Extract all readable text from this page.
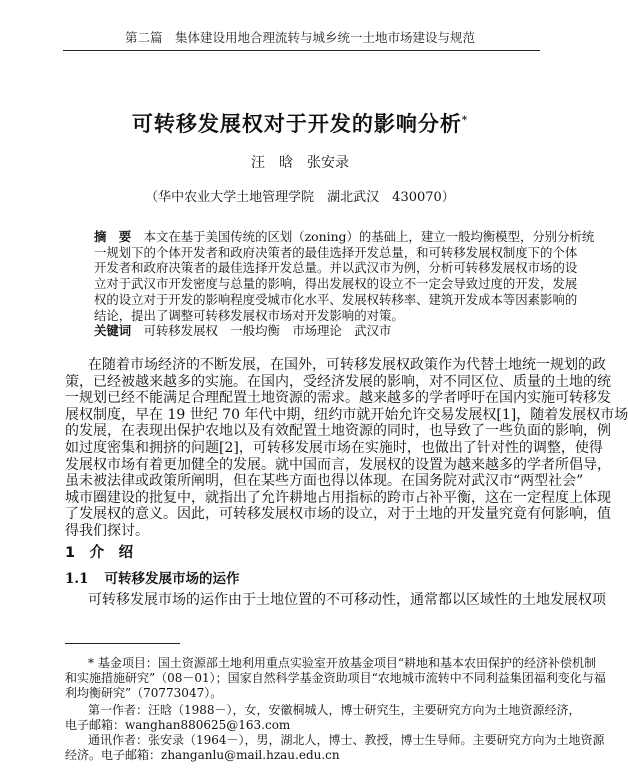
第二篇　集体建设用地合理流转与城乡统一土地市场建设与规范
可转移发展权对于开发的影响分析*
汪　晗　张安录
（华中农业大学土地管理学院　湖北武汉　430070）
摘　要　 本文在基于美国传统的区划（zoning）的基础上，建立一般均衡模型，分别分析统
一规划下的个体开发者和政府决策者的最佳选择开发总量，和可转移发展权制度下的个体
开发者和政府决策者的最佳选择开发总量。并以武汉市为例，分析可转移发展权市场的设
立对于武汉市开发密度与总量的影响，得出发展权的设立不一定会导致过度的开发，发展
权的设立对于开发的影响程度受城市化水平、发展权转移率、建筑开发成本等因素影响的
结论，提出了调整可转移发展权市场对开发影响的对策。
关键词　 可转移发展权　一般均衡　市场理论　武汉市
在随着市场经济的不断发展，在国外，可转移发展权政策作为代替土地统一规划的政
策，已经被越来越多的实施。在国内，受经济发展的影响，对不同区位、质量的土地的统
一规划已经不能满足合理配置土地资源的需求。越来越多的学者呼吁在国内实施可转移发
展权制度，早在 19 世纪 70 年代中期，纽约市就开始允许交易发展权[1]，随着发展权市场
的发展，在表现出保护农地以及有效配置土地资源的同时，也导致了一些负面的影响，例
如过度密集和拥挤的问题[2]，可转移发展市场在实施时，也做出了针对性的调整，使得
发展权市场有着更加健全的发展。就中国而言，发展权的设置为越来越多的学者所倡导，
虽未被法律或政策所阐明，但在某些方面也得以体现。在国务院对武汉市“两型社会”
城市圈建设的批复中，就指出了允许耕地占用指标的跨市占补平衡，这在一定程度上体现
了发展权的意义。因此，可转移发展权市场的设立，对于土地的开发量究竟有何影响，值
得我们探讨。
1　介　绍
1.1 可转移发展市场的运作
可转移发展市场的运作由于土地位置的不可移动性，通常都以区域性的土地发展权项
* 基金项目：国土资源部土地利用重点实验室开放基金项目“耕地和基本农田保护的经济补偿机制
和实施措施研究”（08－01）；国家自然科学基金资助项目“农地城市流转中不同利益集团福利变化与福
利均衡研究”（70773047）。
第一作者：汪晗（1988－），女，安徽桐城人，博士研究生，主要研究方向为土地资源经济，
电子邮箱：wanghan880625@163.com
通讯作者：张安录（1964－），男，湖北人，博士、教授，博士生导师。主要研究方向为土地资源
经济。电子邮箱：zhanganlu@mail.hzau.edu.cn
